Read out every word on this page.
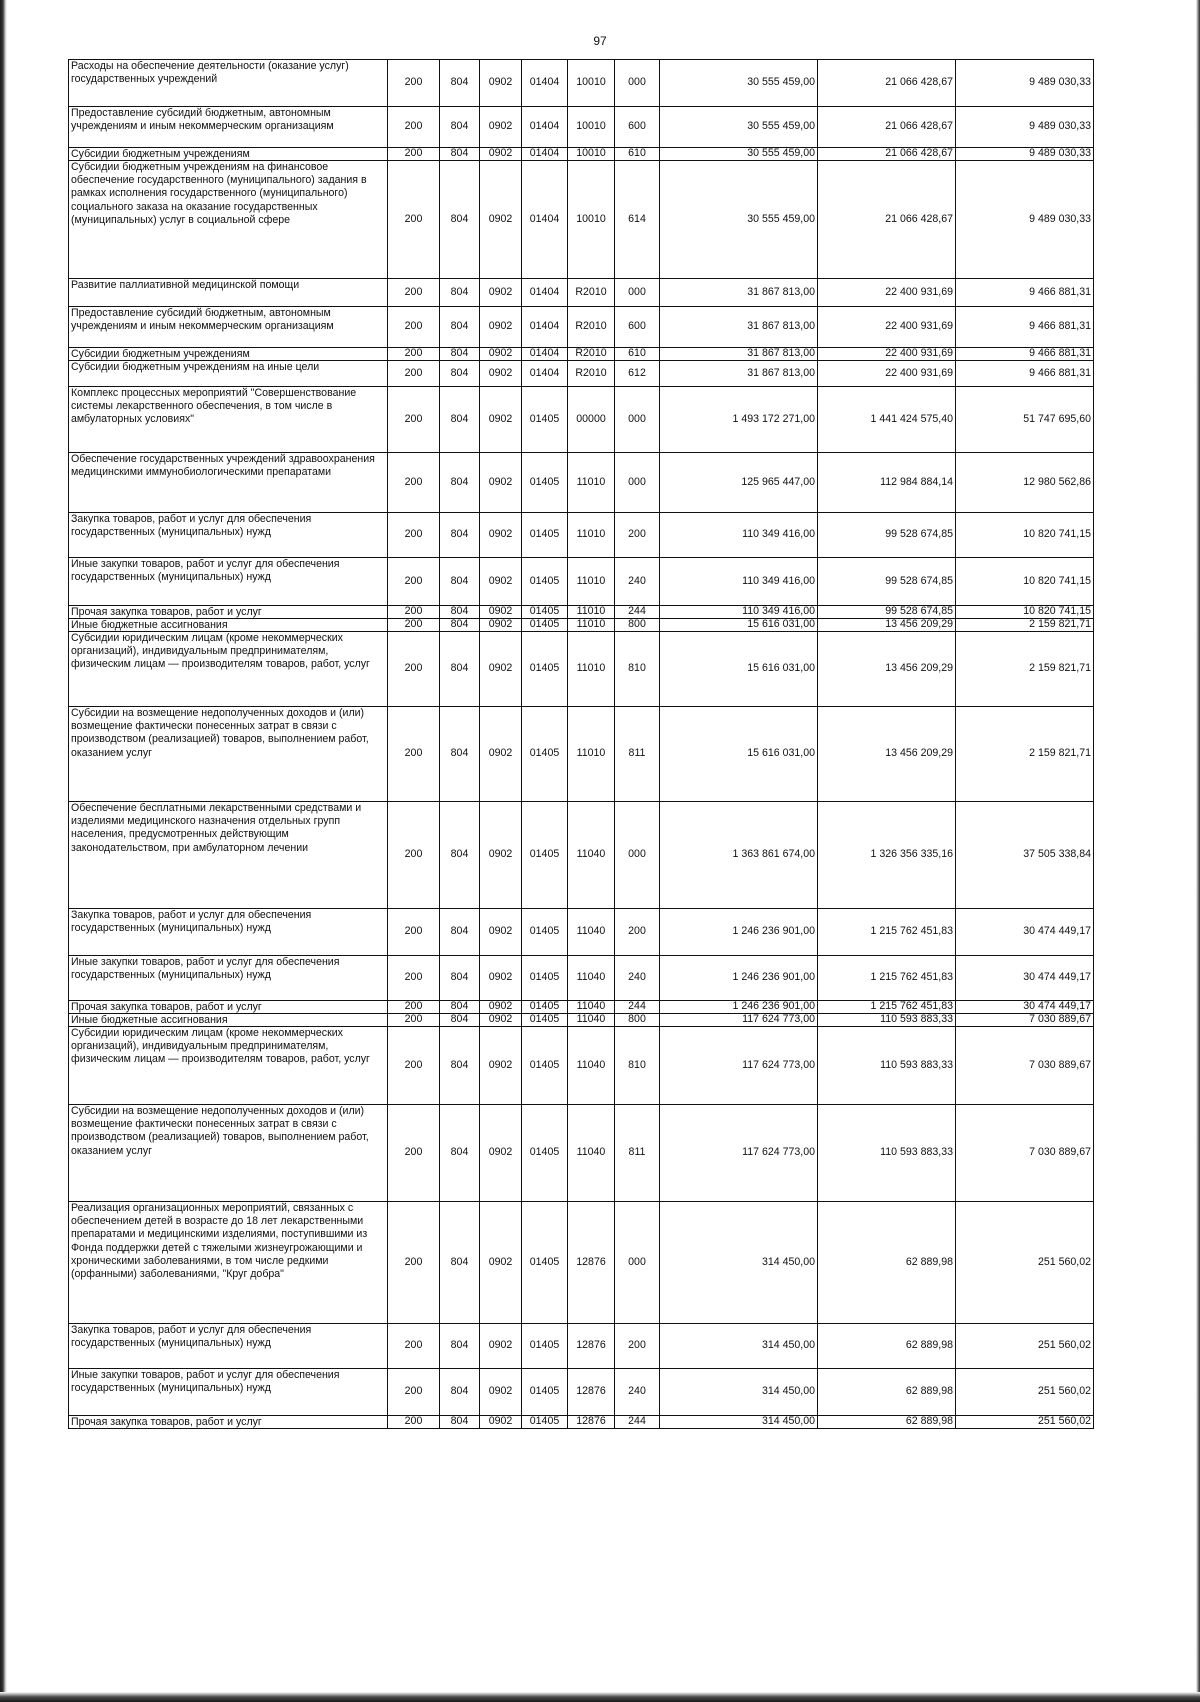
97
Расходы на обеспечение деятельности (оказание услуг) государственных учреждений	200	804	0902	01404	10010	000	30 555 459,00	21 066 428,67	9 489 030,33
Предоставление субсидий бюджетным, автономным учреждениям и иным некоммерческим организациям	200	804	0902	01404	10010	600	30 555 459,00	21 066 428,67	9 489 030,33
Субсидии бюджетным учреждениям	200	804	0902	01404	10010	610	30 555 459,00	21 066 428,67	9 489 030,33
Субсидии бюджетным учреждениям на финансовое обеспечение государственного (муниципального) задания в рамках исполнения государственного (муниципального) социального заказа на оказание государственных (муниципальных) услуг в социальной сфере	200	804	0902	01404	10010	614	30 555 459,00	21 066 428,67	9 489 030,33
Развитие паллиативной медицинской помощи	200	804	0902	01404	R2010	000	31 867 813,00	22 400 931,69	9 466 881,31
Предоставление субсидий бюджетным, автономным учреждениям и иным некоммерческим организациям	200	804	0902	01404	R2010	600	31 867 813,00	22 400 931,69	9 466 881,31
Субсидии бюджетным учреждениям	200	804	0902	01404	R2010	610	31 867 813,00	22 400 931,69	9 466 881,31
Субсидии бюджетным учреждениям на иные цели	200	804	0902	01404	R2010	612	31 867 813,00	22 400 931,69	9 466 881,31
Комплекс процессных мероприятий "Совершенствование системы лекарственного обеспечения, в том числе в амбулаторных условиях"	200	804	0902	01405	00000	000	1 493 172 271,00	1 441 424 575,40	51 747 695,60
Обеспечение государственных учреждений здравоохранения медицинскими иммунобиологическими препаратами	200	804	0902	01405	11010	000	125 965 447,00	112 984 884,14	12 980 562,86
Закупка товаров, работ и услуг для обеспечения государственных (муниципальных) нужд	200	804	0902	01405	11010	200	110 349 416,00	99 528 674,85	10 820 741,15
Иные закупки товаров, работ и услуг для обеспечения государственных (муниципальных) нужд	200	804	0902	01405	11010	240	110 349 416,00	99 528 674,85	10 820 741,15
Прочая закупка товаров, работ и услуг	200	804	0902	01405	11010	244	110 349 416,00	99 528 674,85	10 820 741,15
Иные бюджетные ассигнования	200	804	0902	01405	11010	800	15 616 031,00	13 456 209,29	2 159 821,71
Субсидии юридическим лицам (кроме некоммерческих организаций), индивидуальным предпринимателям, физическим лицам — производителям товаров, работ, услуг	200	804	0902	01405	11010	810	15 616 031,00	13 456 209,29	2 159 821,71
Субсидии на возмещение недополученных доходов и (или) возмещение фактически понесенных затрат в связи с производством (реализацией) товаров, выполнением работ, оказанием услуг	200	804	0902	01405	11010	811	15 616 031,00	13 456 209,29	2 159 821,71
Обеспечение бесплатными лекарственными средствами и изделиями медицинского назначения отдельных групп населения, предусмотренных действующим законодательством, при амбулаторном лечении	200	804	0902	01405	11040	000	1 363 861 674,00	1 326 356 335,16	37 505 338,84
Закупка товаров, работ и услуг для обеспечения государственных (муниципальных) нужд	200	804	0902	01405	11040	200	1 246 236 901,00	1 215 762 451,83	30 474 449,17
Иные закупки товаров, работ и услуг для обеспечения государственных (муниципальных) нужд	200	804	0902	01405	11040	240	1 246 236 901,00	1 215 762 451,83	30 474 449,17
Прочая закупка товаров, работ и услуг	200	804	0902	01405	11040	244	1 246 236 901,00	1 215 762 451,83	30 474 449,17
Иные бюджетные ассигнования	200	804	0902	01405	11040	800	117 624 773,00	110 593 883,33	7 030 889,67
Субсидии юридическим лицам (кроме некоммерческих организаций), индивидуальным предпринимателям, физическим лицам — производителям товаров, работ, услуг	200	804	0902	01405	11040	810	117 624 773,00	110 593 883,33	7 030 889,67
Субсидии на возмещение недополученных доходов и (или) возмещение фактически понесенных затрат в связи с производством (реализацией) товаров, выполнением работ, оказанием услуг	200	804	0902	01405	11040	811	117 624 773,00	110 593 883,33	7 030 889,67
Реализация организационных мероприятий, связанных с обеспечением детей в возрасте до 18 лет лекарственными препаратами и медицинскими изделиями, поступившими из Фонда поддержки детей с тяжелыми жизнеугрожающими и хроническими заболеваниями, в том числе редкими (орфанными) заболеваниями, "Круг добра"	200	804	0902	01405	12876	000	314 450,00	62 889,98	251 560,02
Закупка товаров, работ и услуг для обеспечения государственных (муниципальных) нужд	200	804	0902	01405	12876	200	314 450,00	62 889,98	251 560,02
Иные закупки товаров, работ и услуг для обеспечения государственных (муниципальных) нужд	200	804	0902	01405	12876	240	314 450,00	62 889,98	251 560,02
Прочая закупка товаров, работ и услуг	200	804	0902	01405	12876	244	314 450,00	62 889,98	251 560,02
